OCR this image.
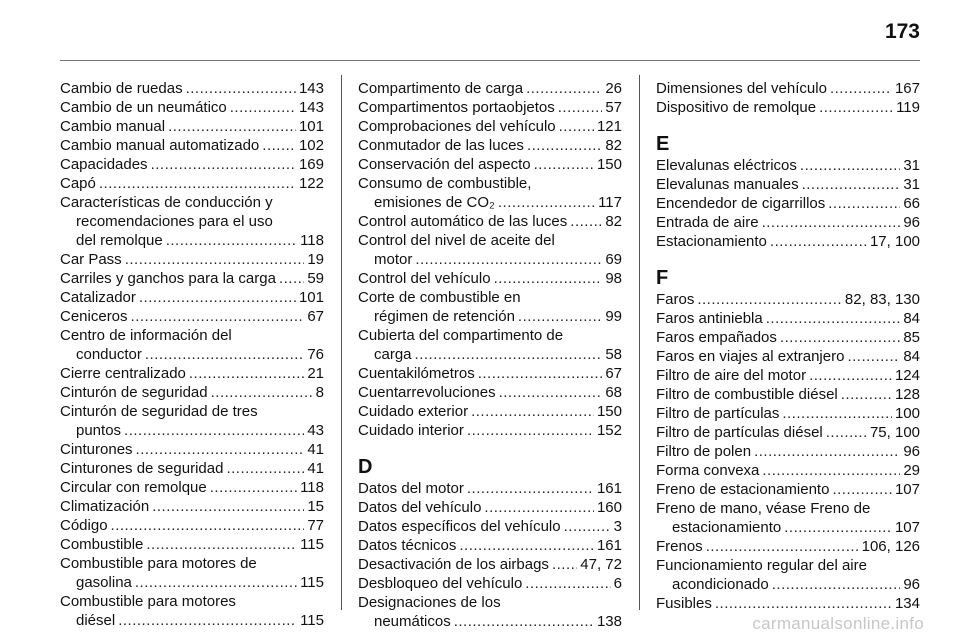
173
Cambio de ruedas .....	143
Cambio de un neumático .....	143
Cambio manual .....	101
Cambio manual automatizado .....	102
Capacidades .....	169
Capó .....	122
Características de conducción y
recomendaciones para el uso
del remolque .....	118
Car Pass .....	19
Carriles y ganchos para la carga ..... 59
Catalizador .....	101
Ceniceros .....	67
Centro de información del
conductor .....	76
Cierre centralizado .....	21
Cinturón de seguridad .....	8
Cinturón de seguridad de tres
puntos .....	43
Cinturones .....	41
Cinturones de seguridad .....	41
Circular con remolque .....	118
Climatización .....	15
Código .....	77
Combustible .....	115
Combustible para motores de
gasolina .....	115
Combustible para motores
diésel .....	115
Compartimento de carga .....	26
Compartimentos portaobjetos .....	57
Comprobaciones del vehículo .....	121
Conmutador de las luces .....	82
Conservación del aspecto .....	150
Consumo de combustible,
emisiones de CO₂ .....	117
Control automático de las luces .....	82
Control del nivel de aceite del
motor .....	69
Control del vehículo .....	98
Corte de combustible en
régimen de retención .....	99
Cubierta del compartimento de
carga .....	58
Cuentakilómetros .....	67
Cuentarrevoluciones .....	68
Cuidado exterior .....	150
Cuidado interior .....	152
D
Datos del motor .....	161
Datos del vehículo .....	160
Datos específicos del vehículo .....	3
Datos técnicos .....	161
Desactivación de los airbags ..... 47, 72
Desbloqueo del vehículo .....	6
Designaciones de los
neumáticos .....	138
Dimensiones del vehículo .....	167
Dispositivo de remolque .....	119
E
Elevalunas eléctricos .....	31
Elevalunas manuales .....	31
Encendedor de cigarrillos .....	66
Entrada de aire .....	96
Estacionamiento .....	17, 100
F
Faros .....	82, 83, 130
Faros antiniebla .....	84
Faros empañados .....	85
Faros en viajes al extranjero .....	84
Filtro de aire del motor .....	124
Filtro de combustible diésel .....	128
Filtro de partículas .....	100
Filtro de partículas diésel .....	75, 100
Filtro de polen .....	96
Forma convexa .....	29
Freno de estacionamiento .....	107
Freno de mano, véase Freno de
estacionamiento .....	107
Frenos .....	106, 126
Funcionamiento regular del aire
acondicionado .....	96
Fusibles .....	134
carmanualsonline.info
